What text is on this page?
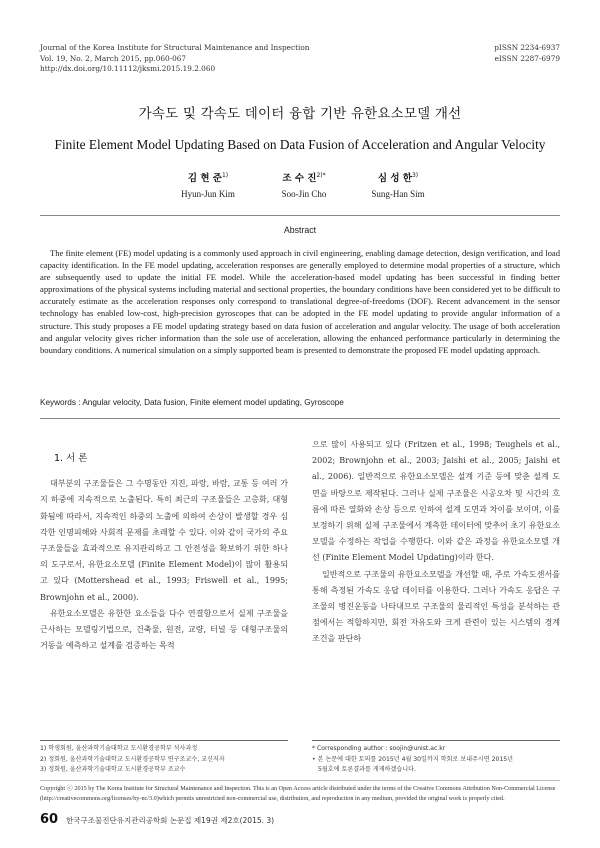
Journal of the Korea Institute for Structural Maintenance and Inspection
Vol. 19, No. 2, March 2015, pp.060-067
http://dx.doi.org/10.11112/jksmi.2015.19.2.060
pISSN 2234-6937
eISSN 2287-6979
가속도 및 각속도 데이터 융합 기반 유한요소모델 개선
Finite Element Model Updating Based on Data Fusion of Acceleration and Angular Velocity
김 현 준$^{1)}$
Hyun-Jun Kim
조 수 진$^{2)*}$
Soo-Jin Cho
심 성 한$^{3)}$
Sung-Han Sim
Abstract

The finite element (FE) model updating is a commonly used approach in civil engineering, enabling damage detection, design verification, and load capacity identification. In the FE model updating, acceleration responses are generally employed to determine modal properties of a structure, which are subsequently used to update the initial FE model. While the acceleration-based model updating has been successful in finding better approximations of the physical systems including material and sectional properties, the boundary conditions have been considered yet to be difficult to accurately estimate as the acceleration responses only correspond to translational degree-of-freedoms (DOF). Recent advancement in the sensor technology has enabled low-cost, high-precision gyroscopes that can be adopted in the FE model updating to provide angular information of a structure. This study proposes a FE model updating strategy based on data fusion of acceleration and angular velocity. The usage of both acceleration and angular velocity gives richer information than the sole use of acceleration, allowing the enhanced performance particularly in determining the boundary conditions. A numerical simulation on a simply supported beam is presented to demonstrate the proposed FE model updating approach.

Keywords : Angular velocity, Data fusion, Finite element model updating, Gyroscope
1. 서 론

대부분의 구조물들은 그 수명동안 지진, 파랑, 바람, 교통 등 여러 가지 하중에 지속적으로 노출된다. 특히 최근의 구조물들은 고층화, 대형화됨에 따라서, 지속적인 하중의 노출에 의하여 손상이 발생할 경우 심각한 인명피해와 사회적 문제를 초래할 수 있다. 이와 같이 국가의 주요 구조물들을 효과적으로 유지관리하고 그 안전성을 확보하기 위한 하나의 도구로서, 유한요소모델 (Finite Element Model)이 많이 활용되고 있다 (Mottershead et al., 1993; Friswell et al., 1995; Brownjohn et al., 2000).

유한요소모델은 유한한 요소들을 다수 연결함으로서 실제 구조물을 근사하는 모델링기법으로, 건축물, 원전, 교량, 터널 등 대형구조물의 거동을 예측하고 설계를 검증하는 목적

으로 많이 사용되고 있다 (Fritzen et al., 1998; Teughels et al., 2002; Brownjohn et al., 2003; Jaishi et al., 2005; Jaishi et al., 2006). 일반적으로 유한요소모델은 설계 기준 등에 맞춘 설계 도면을 바탕으로 제작된다. 그러나 실제 구조물은 시공오차 및 시간의 흐름에 따른 열화와 손상 등으로 인하여 설계 도면과 차이를 보이며, 이를 보정하기 위해 실제 구조물에서 계측한 데이터에 맞추어 초기 유한요소모델을 수정하는 작업을 수행한다. 이와 같은 과정을 유한요소모델 개선 (Finite Element Model Updating)이라 한다.

일반적으로 구조물의 유한요소모델을 개선할 때, 주로 가속도센서를 통해 측정된 가속도 응답 데이터를 이용한다. 그러나 가속도 응답은 구조물의 병진운동을 나타내므로 구조물의 물리적인 특성을 분석하는 관점에서는 적합하지만, 회전 자유도와 크게 관련이 있는 시스템의 경계조건을 판단하

1) 학생회원, 울산과학기술대학교 도시환경공학부 석사과정
2) 정회원, 울산과학기술대학교 도시환경공학부 연구조교수, 교신저자
3) 정회원, 울산과학기술대학교 도시환경공학부 조교수
* Corresponding author : soojin@unist.ac.kr
• 본 논문에 대한 토의를 2015년 4월 30일까지 학회로 보내주시면 2015년
5월호에 토론결과를 게재하겠습니다.
Copyright ⓒ 2015 by The Korea Institute for Structural Maintenance and Inspection. This is an Open Access article distributed under the terms of the Creative Commons Attribution Non-Commercial License (http://creativecommons.org/licenses/by-nc/3.0)which permits unrestricted non-commercial use, distribution, and reproduction in any medium, provided the original work is properly cited.
60 한국구조물진단유지관리공학회 논문집 제19권 제2호(2015. 3)
